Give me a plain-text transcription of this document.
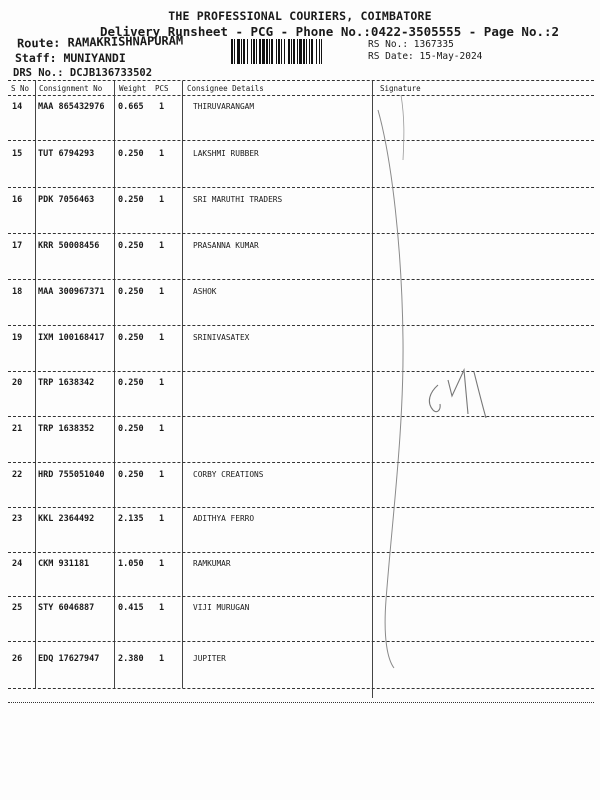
THE PROFESSIONAL COURIERS, COIMBATORE
Delivery Runsheet - PCG - Phone No.:0422-3505555 - Page No.:2
Route: RAMAKRISHNAPURAM
Staff: MUNIYANDI
DRS No.: DCJB136733502
RS No.: 1367335
RS Date: 15-May-2024
S No Consignment No Weight PCS Consignee Details	Signature
14 MAA 865432976 0.665 1	THIRUVARANGAM
15 TUT 6794293	0.250 1	LAKSHMI RUBBER
16 PDK 7056463	0.250 1	SRI MARUTHI TRADERS
17 KRR 50008456 0.250 1	PRASANNA KUMAR
18 MAA 300967371 0.250 1	ASHOK
19 IXM 100168417 0.250 1	SRINIVASATEX
20 TRP 1638342	0.250 1
21 TRP 1638352	0.250 1
22 HRD 755051040 0.250 1	CORBY CREATIONS
23 KKL 2364492	2.135 1	ADITHYA FERRO
24 CKM 931181	1.050 1	RAMKUMAR
25 STY 6046887	0.415 1	VIJI MURUGAN
26 EDQ 17627947 2.380 1	JUPITER
